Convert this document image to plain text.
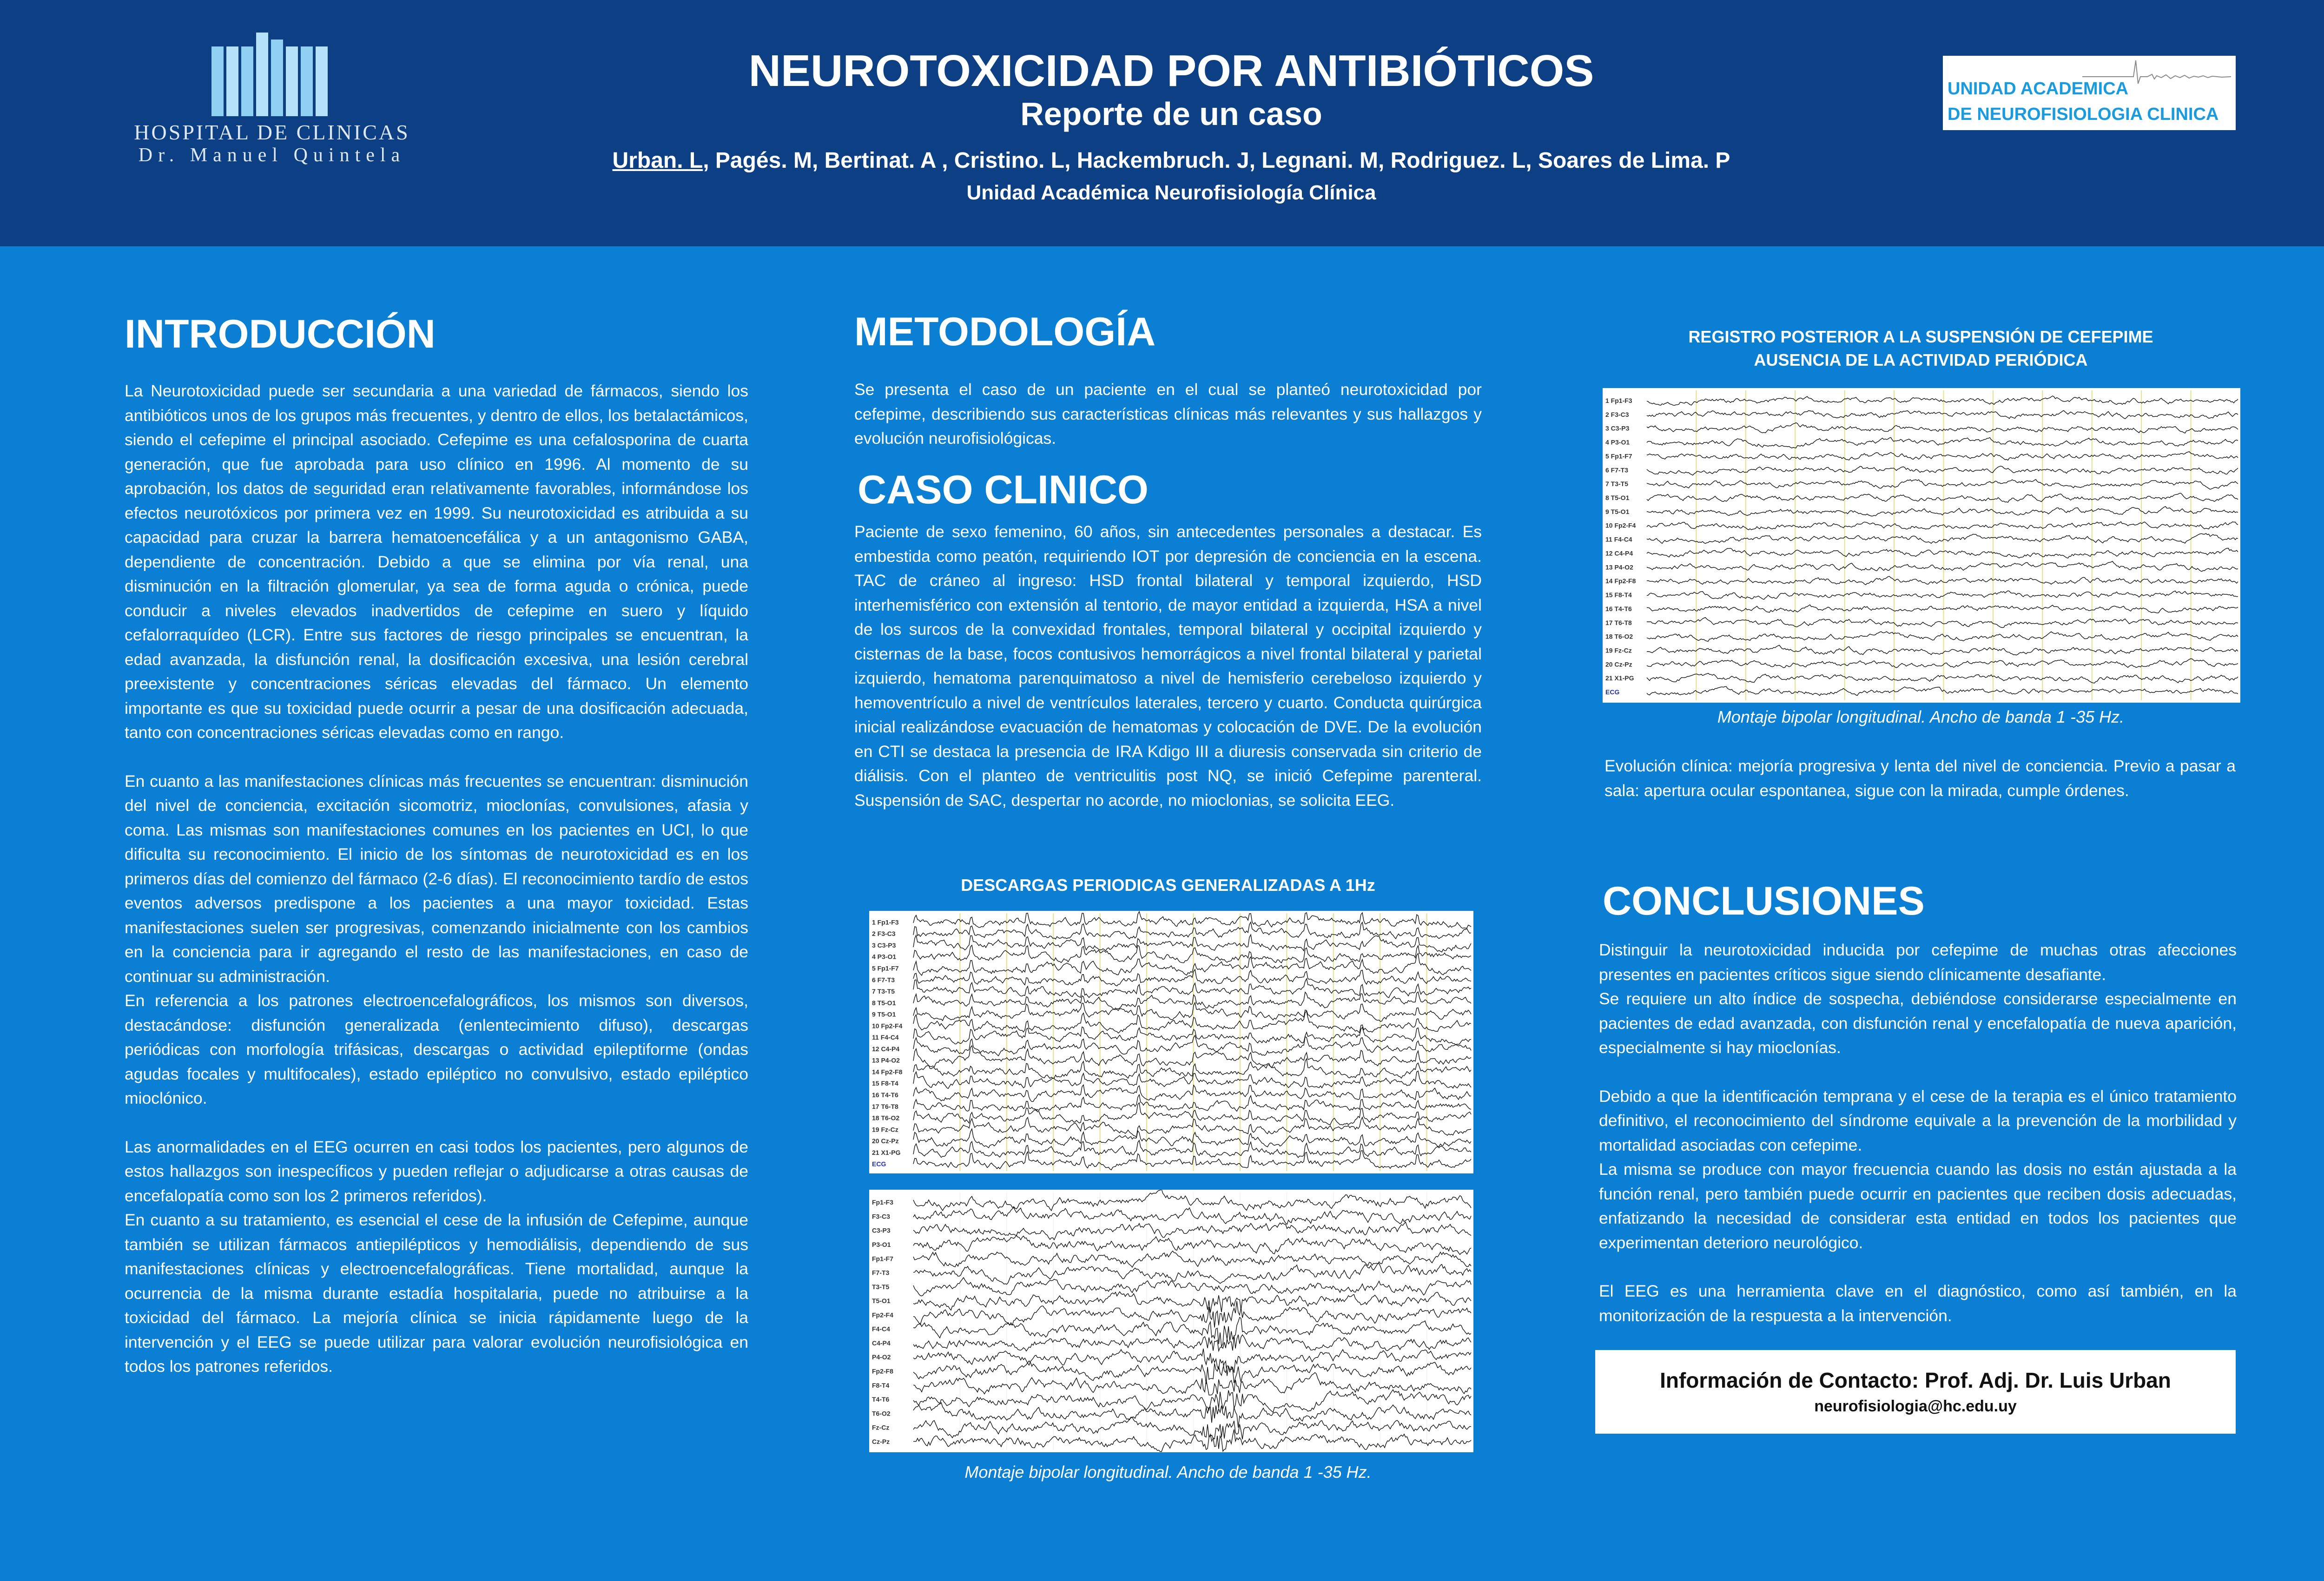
HOSPITAL DE CLINICAS
Dr. Manuel Quintela
NEUROTOXICIDAD POR ANTIBIÓTICOS
Reporte de un caso
Urban. L, Pagés. M, Bertinat. A , Cristino. L, Hackembruch. J, Legnani. M, Rodriguez. L, Soares de Lima. P
Unidad Académica Neurofisiología Clínica
UNIDAD ACADEMICA
DE NEUROFISIOLOGIA CLINICA
INTRODUCCIÓN

La Neurotoxicidad puede ser secundaria a una variedad de fármacos, siendo los antibióticos unos de los grupos más frecuentes, y dentro de ellos, los betalactámicos, siendo el cefepime el principal asociado. Cefepime es una cefalosporina de cuarta generación, que fue aprobada para uso clínico en 1996. Al momento de su aprobación, los datos de seguridad eran relativamente favorables, informándose los efectos neurotóxicos por primera vez en 1999. Su neurotoxicidad es atribuida a su capacidad para cruzar la barrera hematoencefálica y a un antagonismo GABA, dependiente de concentración. Debido a que se elimina por vía renal, una disminución en la filtración glomerular, ya sea de forma aguda o crónica, puede conducir a niveles elevados inadvertidos de cefepime en suero y líquido cefalorraquídeo (LCR). Entre sus factores de riesgo principales se encuentran, la edad avanzada, la disfunción renal, la dosificación excesiva, una lesión cerebral preexistente y concentraciones séricas elevadas del fármaco. Un elemento importante es que su toxicidad puede ocurrir a pesar de una dosificación adecuada, tanto con concentraciones séricas elevadas como en rango.

En cuanto a las manifestaciones clínicas más frecuentes se encuentran: disminución del nivel de conciencia, excitación sicomotriz, mioclonías, convulsiones, afasia y coma. Las mismas son manifestaciones comunes en los pacientes en UCI, lo que dificulta su reconocimiento. El inicio de los síntomas de neurotoxicidad es en los primeros días del comienzo del fármaco (2-6 días). El reconocimiento tardío de estos eventos adversos predispone a los pacientes a una mayor toxicidad. Estas manifestaciones suelen ser progresivas, comenzando inicialmente con los cambios en la conciencia para ir agregando el resto de las manifestaciones, en caso de continuar su administración.

En referencia a los patrones electroencefalográficos, los mismos son diversos, destacándose: disfunción generalizada (enlentecimiento difuso), descargas periódicas con morfología trifásicas, descargas o actividad epileptiforme (ondas agudas focales y multifocales), estado epiléptico no convulsivo, estado epiléptico mioclónico.

Las anormalidades en el EEG ocurren en casi todos los pacientes, pero algunos de estos hallazgos son inespecíficos y pueden reflejar o adjudicarse a otras causas de encefalopatía como son los 2 primeros referidos).

En cuanto a su tratamiento, es esencial el cese de la infusión de Cefepime, aunque también se utilizan fármacos antiepilépticos y hemodiálisis, dependiendo de sus manifestaciones clínicas y electroencefalográficas. Tiene mortalidad, aunque la ocurrencia de la misma durante estadía hospitalaria, puede no atribuirse a la toxicidad del fármaco. La mejoría clínica se inicia rápidamente luego de la intervención y el EEG se puede utilizar para valorar evolución neurofisiológica en todos los patrones referidos.

METODOLOGÍA
Se presenta el caso de un paciente en el cual se planteó neurotoxicidad por cefepime, describiendo sus características clínicas más relevantes y sus hallazgos y evolución neurofisiológicas.
CASO CLINICO
Paciente de sexo femenino, 60 años, sin antecedentes personales a destacar. Es embestida como peatón, requiriendo IOT por depresión de conciencia en la escena. TAC de cráneo al ingreso: HSD frontal bilateral y temporal izquierdo, HSD interhemisférico con extensión al tentorio, de mayor entidad a izquierda, HSA a nivel de los surcos de la convexidad frontales, temporal bilateral y occipital izquierdo y cisternas de la base, focos contusivos hemorrágicos a nivel frontal bilateral y parietal izquierdo, hematoma parenquimatoso a nivel de hemisferio cerebeloso izquierdo y hemoventrículo a nivel de ventrículos laterales, tercero y cuarto. Conducta quirúrgica inicial realizándose evacuación de hematomas y colocación de DVE. De la evolución en CTI se destaca la presencia de IRA Kdigo III a diuresis conservada sin criterio de diálisis. Con el planteo de ventriculitis post NQ, se inició Cefepime parenteral. Suspensión de SAC, despertar no acorde, no mioclonias, se solicita EEG.
DESCARGAS PERIODICAS GENERALIZADAS A 1Hz
1 Fp1-F3
2 F3-C3
3 C3-P3
4 P3-O1
5 Fp1-F7
6 F7-T3
7 T3-T5
8 T5-O1
9 T5-O1
10 Fp2-F4
11 F4-C4
12 C4-P4
13 P4-O2
14 Fp2-F8
15 F8-T4
16 T4-T6
17 T6-T8
18 T6-O2
19 Fz-Cz
20 Cz-Pz
21 X1-PG
ECG
Fp1-F3
F3-C3
C3-P3
P3-O1
Fp1-F7
F7-T3
T3-T5
T5-O1
Fp2-F4
F4-C4
C4-P4
P4-O2
Fp2-F8
F8-T4
T4-T6
T6-O2
Fz-Cz
Cz-Pz
Montaje bipolar longitudinal. Ancho de banda 1 -35 Hz.
REGISTRO POSTERIOR A LA SUSPENSIÓN DE CEFEPIME
AUSENCIA DE LA ACTIVIDAD PERIÓDICA
1 Fp1-F3
2 F3-C3
3 C3-P3
4 P3-O1
5 Fp1-F7
6 F7-T3
7 T3-T5
8 T5-O1
9 T5-O1
10 Fp2-F4
11 F4-C4
12 C4-P4
13 P4-O2
14 Fp2-F8
15 F8-T4
16 T4-T6
17 T6-T8
18 T6-O2
19 Fz-Cz
20 Cz-Pz
21 X1-PG
ECG
Montaje bipolar longitudinal. Ancho de banda 1 -35 Hz.
Evolución clínica: mejoría progresiva y lenta del nivel de conciencia. Previo a pasar a sala: apertura ocular espontanea, sigue con la mirada, cumple órdenes.
CONCLUSIONES

Distinguir la neurotoxicidad inducida por cefepime de muchas otras afecciones presentes en pacientes críticos sigue siendo clínicamente desafiante.

Se requiere un alto índice de sospecha, debiéndose considerarse especialmente en pacientes de edad avanzada, con disfunción renal y encefalopatía de nueva aparición, especialmente si hay mioclonías.

Debido a que la identificación temprana y el cese de la terapia es el único tratamiento definitivo, el reconocimiento del síndrome equivale a la prevención de la morbilidad y mortalidad asociadas con cefepime.

La misma se produce con mayor frecuencia cuando las dosis no están ajustada a la función renal, pero también puede ocurrir en pacientes que reciben dosis adecuadas, enfatizando la necesidad de considerar esta entidad en todos los pacientes que experimentan deterioro neurológico.

El EEG es una herramienta clave en el diagnóstico, como así también, en la monitorización de la respuesta a la intervención.

Información de Contacto: Prof. Adj. Dr. Luis Urban
neurofisiologia@hc.edu.uy
